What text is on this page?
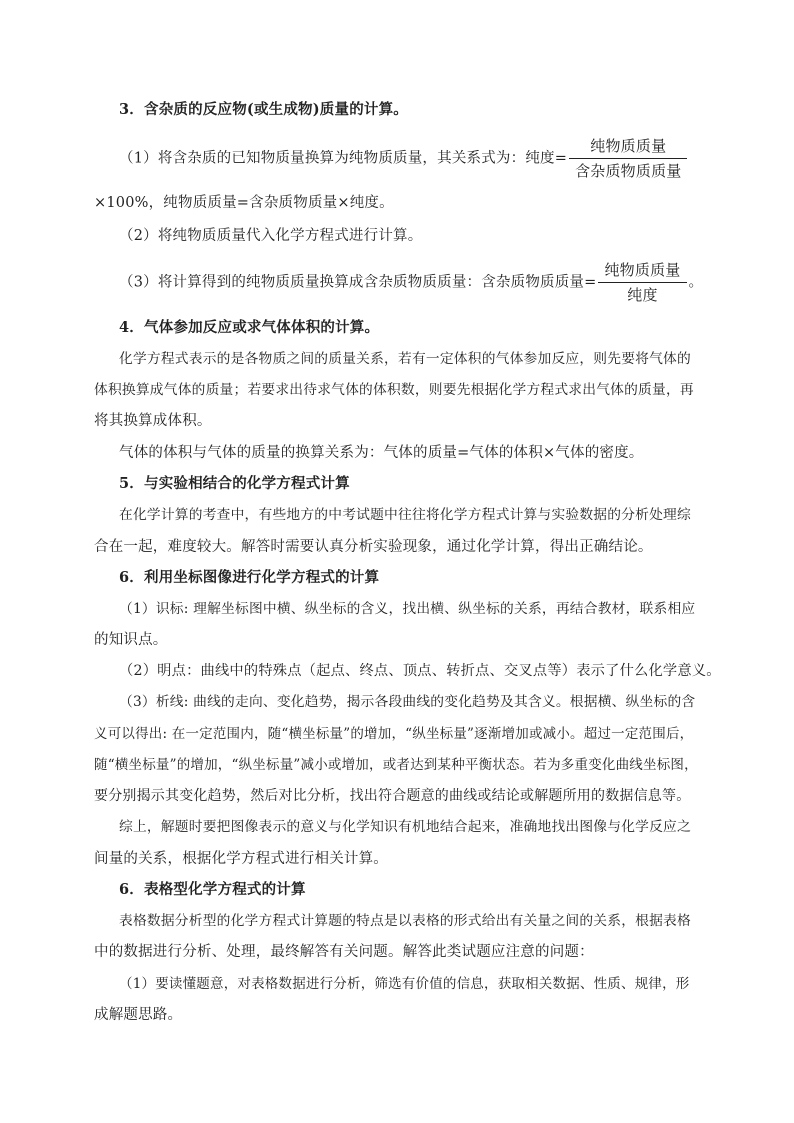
3．含杂质的反应物(或生成物)质量的计算。
（1）将含杂质的已知物质量换算为纯物质质量，其关系式为：纯度= $\frac{\text{纯物质质量}}{\text{含杂质物质质量}}$
×100%，纯物质质量=含杂质物质量×纯度。
（2）将纯物质质量代入化学方程式进行计算。
（3）将计算得到的纯物质质量换算成含杂质物质质量：含杂质物质质量= $\frac{\text{纯物质质量}}{\text{纯度}}$ 。
4．气体参加反应或求气体体积的计算。
化学方程式表示的是各物质之间的质量关系，若有一定体积的气体参加反应，则先要将气体的
体积换算成气体的质量；若要求出待求气体的体积数，则要先根据化学方程式求出气体的质量，再
将其换算成体积。
气体的体积与气体的质量的换算关系为：气体的质量=气体的体积×气体的密度。
5．与实验相结合的化学方程式计算
在化学计算的考查中，有些地方的中考试题中往往将化学方程式计算与实验数据的分析处理综
合在一起，难度较大。解答时需要认真分析实验现象，通过化学计算，得出正确结论。
6．利用坐标图像进行化学方程式的计算
（1）识标: 理解坐标图中横、纵坐标的含义，找出横、纵坐标的关系，再结合教材，联系相应
的知识点。
（2）明点：曲线中的特殊点（起点、终点、顶点、转折点、交叉点等）表示了什么化学意义。
（3）析线: 曲线的走向、变化趋势，揭示各段曲线的变化趋势及其含义。根据横、纵坐标的含
义可以得出: 在一定范围内，随“横坐标量”的增加，“纵坐标量”逐渐增加或减小。超过一定范围后，
随“横坐标量”的增加，“纵坐标量”减小或增加，或者达到某种平衡状态。若为多重变化曲线坐标图，
要分别揭示其变化趋势，然后对比分析，找出符合题意的曲线或结论或解题所用的数据信息等。
综上，解题时要把图像表示的意义与化学知识有机地结合起来，准确地找出图像与化学反应之
间量的关系，根据化学方程式进行相关计算。
6．表格型化学方程式的计算
表格数据分析型的化学方程式计算题的特点是以表格的形式给出有关量之间的关系，根据表格
中的数据进行分析、处理，最终解答有关问题。解答此类试题应注意的问题：
（1）要读懂题意，对表格数据进行分析，筛选有价值的信息，获取相关数据、性质、规律，形
成解题思路。
